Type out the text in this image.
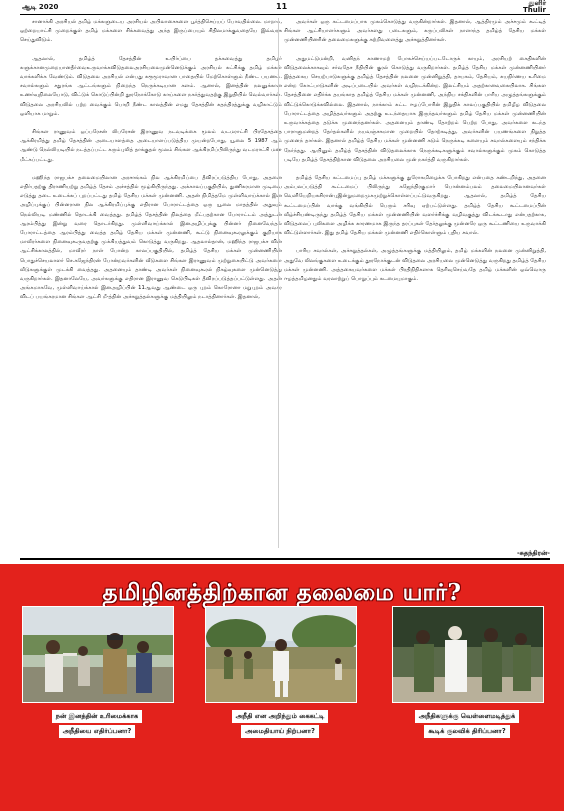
ஆடி 2020	11	துளிர்
Thulir

சானாக்கி அரசியல் தமிழ் மக்களுடைய அரசியல் அபிலாசைகளை பூர்த்திசெய்யப் போவதில்லை. மாறாக, ஒற்றையாட்சி முறைக்குள் தமிழ் மக்களை சிக்கவைத்து அந்த இருப்பையும் சிதிலமாக்குவதையே இவ்வரசு செய்துவிடும்.

ஆதலால், தமிழ்த் தேசத்தின் உயிர்ப்பை தக்கவைத்து தமிழர் களுக்கானமுறையானதீர்வைஉருவாக்கவிடுதலைஅரசியலைமுன்னெடுக்கும் அரசியல் கட்சிக்கு தமிழ் மக்கள் வாக்களிக்க வேண்டும். விடுதலை அரசியல் என்பது சுரூமூராவான பாதையில் மேற்கொள்ளும் நீண்ட பயணம். சவால்களும் சதுரங்க ஆட்டங்களும் நிறைந்த நெருக்கடியான களம். ஆனால், இனத்தின் நலனுக்கான உணர்வுநிலையோடு, விட்டுக் கொடுப்பின்றி தூரநோக்கோடு காய்களை நகர்த்துவதற்கு இறுதியில் வெல்வார்கள். விடுதலை அரசியலில் பற்ற வைக்கும் பொறி நீண்ட காலத்தின் எமது தேசத்தின் சுதந்திரத்துக்கு வழிகாட்டும் ஒளியாக மாறும்.

சிங்கள ராணுவம் ஒப்பரேசன் லிபரேசன் இராணுவ நடவடிக்கை மூலம் வடமராட்சி பிரதேசத்தை ஆக்கிரமித்து தமிழ் தேசத்தின் அடையாளத்தை அடையாளப்படுத்திய முயன்றபோது, யூலை 5 1987 ஆம் ஆண்டு நெல்லியடியில் நடத்தப்பட்ட கரும்புலித் தாக்குதல் மூலம் சிங்கள ஆக்கிரமிப்பிலிருந்து வடமராட்சி மண் மீட்கப்பட்டது.

மஹிந்த ராஜபக்ச தலைமையிலான அரசாங்கம் நில ஆக்கிரமிப்பை தீவிரப்படுத்திய போது, அதனை எதிர்பதற்கு திராணியற்று தமிழ்த் தேசம் அச்சத்தில் மூழ்கியிருந்தது. அக்காலப்பகுதியில், துணிகரமான முடிவை எடுத்து தடை உடைக்கப் புறப்பட்டது தமிழ் தேசிய மக்கள் முன்னணி. அதன் நிமித்தமே முள்ளிவாய்க்கால் இன அழிப்புக்குப் பின்னரான நில ஆக்கிரமிப்புக்கு எதிரான போராட்டத்தை ஒரு யூலை மாதத்தில் அதுவும் நெல்லியடி மண்ணில் தொடக்கி வைத்தது. தமிழ்த் தேசத்தின் நிலத்தை மீட்பதற்கான போராட்டம் அத்துடன் ஆரம்பித்து இன்று வரை தொடர்கிறது. முள்ளிவாய்க்கால் இனஅழிப்புக்கு பின்னர் நினைவேந்தல் போராட்டத்தை ஆரம்பித்து வைத்த தமிழ் தேசிய மக்கள் முன்னணி, கூட்டு நினைவுகூரலுக்கும் குறியாக மாவீரர்களை நினைவுகூருவதற்கு முக்கியத்துவம் கொடுத்து வருகிறது. ஆதலால்தான், மஹிந்த ராஜபக்ச வின் ஆட்சிக்காலத்தில், மாவீரர் நாள் போன்ற காலப்பகுதியில், தமிழ்த் தேசிய மக்கள் முன்னணியின் பொதுச்செயலாளர் செ.கஜேந்திரன் போன்றவர்களின் வீடுகளை சிங்கள இராணுவம் முற்றுகையிட்டு அவர்களை வீடுகளுக்குள் முடக்கி வைத்தது. அதனையும் தாண்டி அவர்கள் நினைவுகூரல் நிகழ்வுகளை முன்னெடுத்து வருகிறார்கள். இதனாலேயே, அவர்களுக்கு எதிரான இராணுவ கெடுபிடிகள் தீவிரப்படுத்தப்பட்டுள்ளது. அதன் அங்கமாகவே, முள்ளிவாய்க்கால் இனஅழிப்பின் 11ஆவது ஆண்டை ஒரு புறம் கொரோனா மறுபுறம் அவசர விடப் பயங்கரமான சிங்கள ஆட்சி மீ-த்தின் அச்சுறுத்தல்களுக்கு மத்தியிலும் நடாத்தினார்கள். இதனால்,

அவர்கள் ஒரு கட்டமைப்பாக முகம்கொடுத்து வருகின்றார்கள். இதனால், ஆத்திரமும் அச்சமும் கூட்டித் சிங்கள ஆட்சியாளர்களும் அவர்களது படைகளும், சுருப்பலிகள் நாளாந்த தமிழ்த் தேசிய மக்கள் முன்னணியினரின் தலைமைகளுக்கு சுற்றிவளைத்து அச்சுறுத்தினர்கள்.

அதுமட்டுமன்றி, வனிதந் காணாமற் போகச்செய்யப்படடோருக் காயும், அரசியற் கைதிகளின் விடுதலைக்காகவும் சர்வதேச நீதியின் குரல் கொடுத்து வருகிறார்கள். தமிழ்த் தேசிய மக்கள் முன்னணியினர் இத்தகைய செயற்பாடுகளுக்கு தமிழ்த் தேசத்தின் நலனை முன்னிறுத்தி, தாயகம், தேசியம், சுயநிர்ணய உரிமை என்ற கோட்பாடுகளின் அடிப்படையில் அவர்கள் வழிநடக்கின்ற. இலட்சியம் அதற்கானவகையிலாக. சிங்கள தேசத்தினை எதிர்க்க தயங்காத தமிழ்த் தேசிய மக்கள் முன்னணி, அந்நிய சக்திகளின் பாரிய அழுத்தங்களுக்கும் விட்டுக்கொடுக்கவில்லை. இதனால், நாக்காம் கட்ட ஈழப்போரின் இறுதிக் காலப்பகுதியில் தமிழீழ விடுதலை போராட்டத்தை அழித்தவர்களும் அதற்கு உடந்தையாக இருந்தவர்களும் தமிழ் தேசிய மக்கள் முன்னணியின் உருவாக்கத்தை தடுக்க முனைந்தனர்கள். அதனையும் தாண்டி தோற்றம் பெற்ற போது, அவர்களை கடந்த பாராளுமன்றத் தேர்தல்களில் நயவஞ்சகமான முறையில் தோற்கடித்து, அவர்களின் பயணங்களை நிறுத்த முனைந் தார்கள். இதனால் தமிழ்த் தேசிய மக்கள் முன்னணி கடும் நெருக்கடி களையும் சவால்களையும் சந்திக்க நேர்ந்தது. ஆயினும் தமிழ்த் தேசத்தின் விடுதலைக்காக நெருக்கடிகளுக்கும் சவால்களுக்கும் முகம் கொடுத்த படியே தமிழ்த் தேசத்திற்கான விடுதலை அரசியலை முன் நகர்த்தி வருகிறார்கள்.

தமிழ்த் தேசிய கட்டமைப்பு தமிழ் மக்களுக்கு துரோகமிழைக்க போகிறது என்பதை கண்டறிந்து, அதனை அம்பலப்படுத்தி கூட்டமைப் பிலிருந்து கஜேந்திரகுமார் பொன்னம்பலம் தலைமையிலானவர்கள் வெளியேறியசுசிரான்புஇன்றுமறைமுகமுற்றுக்கொள்ளப்பட்டுவருகிறது. ஆதலால், தமிழ்த் தேசிய கூட்டமைப்பின் வாக்கு வங்கியில் பெரும் சரிவு ஏற்பட்டுள்ளது. தமிழ்த் தேசிய கூட்டமைப்பின் வீழ்ச்சியண்டிருந்து தமிழ்த் தேசிய மக்கள் முன்னணியின் வளர்ச்சிக்கு வழிவகுத்து விடக்கூடாது என்பதற்காக, விடுதலைப் புலிகளை அழிக்க காரணமாக இருந்த தரப்புகள் தேர்தலுக்கு முன்னரே ஒரு கூட்டணியை உருவாக்கி விட்டுள்ளார்கள். இது தமிழ் தேசிய மக்கள் முன்னணி எதிர்கொள்ளும் புதிய சவால்.

பாரிய சவால்கள், அச்சுறுத்தல்கள், அழுத்தங்களுக்கு மத்தியிலும், தமிழ் மக்களின் நலனை முன்னிறுத்தி, அதுவே லிலங்குகளை உடைக்கும் தூரநோக்குடன் விடுதலை அரசியலை முன்னெடுத்து வருகிறது தமிழ்த் தேசிய மக்கள் முன்னணி. அத்தகையவர்களை மக்கள் பிரதிநிதிகளாக தெரிவுசெய்வதே தமிழ் மக்களின் ஒவ்வொரு ஈழத்தமிழனதும் வரலாற்றுப் பொறுப்பும் கடமையுமாகும்.

-சுதந்திரன்-
தமிழினத்திற்கான தலைமை யார்?
நன் இனத்தின் உரிமைக்காக
அநீதியை எதிர்ப்பனா?
அநீதி என அறிந்தும் கைகட்டி
அமைதியாய் நிற்பனா?
அநீதிகளுக்கு வெள்ளைமடித்துக்
கூடிக் குலவிக் திரிப்பனா?
